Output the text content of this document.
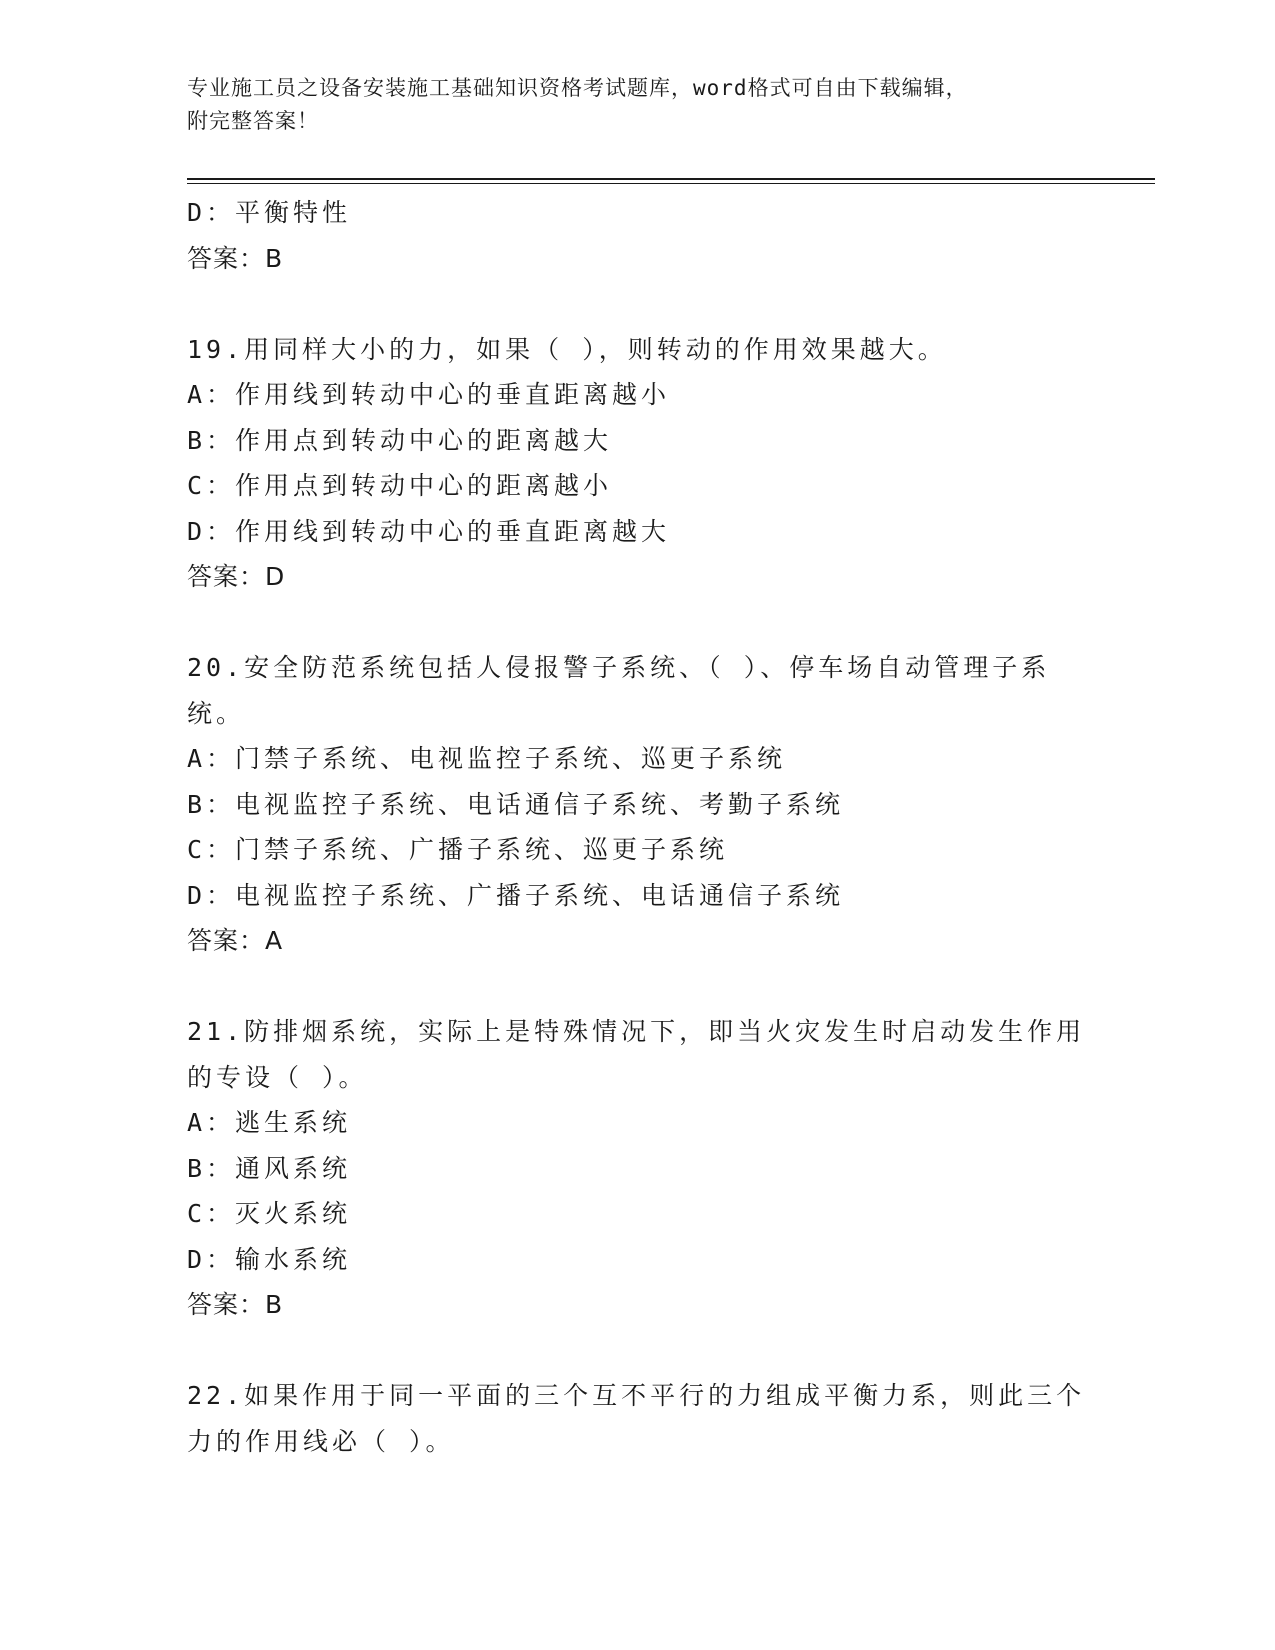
专业施工员之设备安装施工基础知识资格考试题库，word格式可自由下载编辑，
附完整答案！
D：平衡特性
答案：B
19.用同样大小的力，如果（ ），则转动的作用效果越大。
A：作用线到转动中心的垂直距离越小
B：作用点到转动中心的距离越大
C：作用点到转动中心的距离越小
D：作用线到转动中心的垂直距离越大
答案：D
20.安全防范系统包括人侵报警子系统、（ ）、停车场自动管理子系
统。
A：门禁子系统、电视监控子系统、巡更子系统
B：电视监控子系统、电话通信子系统、考勤子系统
C：门禁子系统、广播子系统、巡更子系统
D：电视监控子系统、广播子系统、电话通信子系统
答案：A
21.防排烟系统，实际上是特殊情况下，即当火灾发生时启动发生作用
的专设（ ）。
A：逃生系统
B：通风系统
C：灭火系统
D：输水系统
答案：B
22.如果作用于同一平面的三个互不平行的力组成平衡力系，则此三个
力的作用线必（ ）。
